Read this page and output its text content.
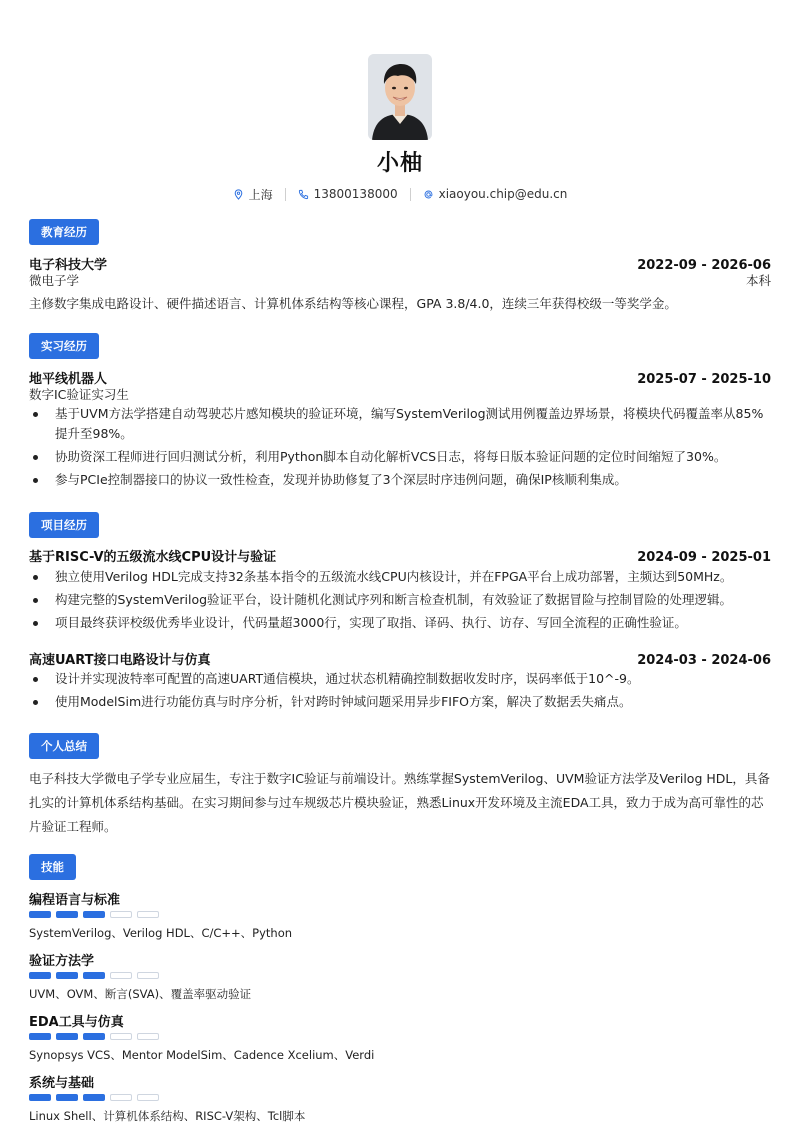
小柚
上海	13800138000	xiaoyou.chip@edu.cn
教育经历
电子科技大学	2022-09 - 2026-06
微电子学	本科
主修数字集成电路设计、硬件描述语言、计算机体系结构等核心课程，GPA 3.8/4.0，连续三年获得校级一等奖学金。
实习经历
地平线机器人	2025-07 - 2025-10
数字IC验证实习生
基于UVM方法学搭建自动驾驶芯片感知模块的验证环境，编写SystemVerilog测试用例覆盖边界场景，将模块代码覆盖率从85%提升至98%。
协助资深工程师进行回归测试分析，利用Python脚本自动化解析VCS日志，将每日版本验证问题的定位时间缩短了30%。
参与PCIe控制器接口的协议一致性检查，发现并协助修复了3个深层时序违例问题，确保IP核顺利集成。
项目经历
基于RISC-V的五级流水线CPU设计与验证	2024-09 - 2025-01
独立使用Verilog HDL完成支持32条基本指令的五级流水线CPU内核设计，并在FPGA平台上成功部署，主频达到50MHz。
构建完整的SystemVerilog验证平台，设计随机化测试序列和断言检查机制，有效验证了数据冒险与控制冒险的处理逻辑。
项目最终获评校级优秀毕业设计，代码量超3000行，实现了取指、译码、执行、访存、写回全流程的正确性验证。
高速UART接口电路设计与仿真	2024-03 - 2024-06
设计并实现波特率可配置的高速UART通信模块，通过状态机精确控制数据收发时序，误码率低于10^-9。
使用ModelSim进行功能仿真与时序分析，针对跨时钟域问题采用异步FIFO方案，解决了数据丢失痛点。
个人总结
电子科技大学微电子学专业应届生，专注于数字IC验证与前端设计。熟练掌握SystemVerilog、UVM验证方法学及Verilog HDL，具备扎实的计算机体系结构基础。在实习期间参与过车规级芯片模块验证，熟悉Linux开发环境及主流EDA工具，致力于成为高可靠性的芯片验证工程师。
技能
编程语言与标准
SystemVerilog、Verilog HDL、C/C++、Python
验证方法学
UVM、OVM、断言(SVA)、覆盖率驱动验证
EDA工具与仿真
Synopsys VCS、Mentor ModelSim、Cadence Xcelium、Verdi
系统与基础
Linux Shell、计算机体系结构、RISC-V架构、Tcl脚本
